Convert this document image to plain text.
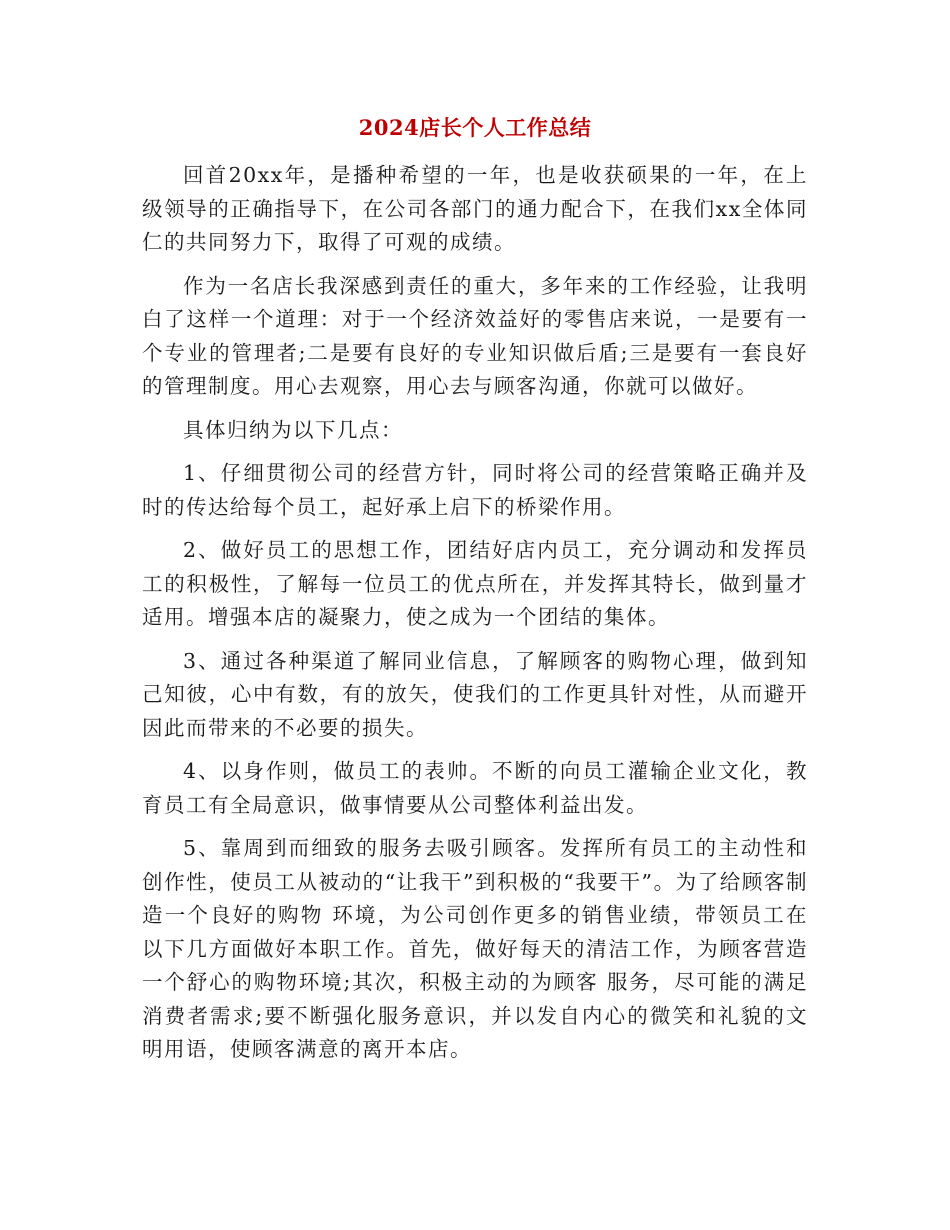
2024店长个人工作总结

回首20xx年，是播种希望的一年，也是收获硕果的一年，在上级领导的正确指导下，在公司各部门的通力配合下，在我们xx全体同仁的共同努力下，取得了可观的成绩。

作为一名店长我深感到责任的重大，多年来的工作经验，让我明白了这样一个道理：对于一个经济效益好的零售店来说，一是要有一个专业的管理者;二是要有良好的专业知识做后盾;三是要有一套良好的管理制度。用心去观察，用心去与顾客沟通，你就可以做好。

具体归纳为以下几点：

1、仔细贯彻公司的经营方针，同时将公司的经营策略正确并及时的传达给每个员工，起好承上启下的桥梁作用。

2、做好员工的思想工作，团结好店内员工，充分调动和发挥员工的积极性，了解每一位员工的优点所在，并发挥其特长，做到量才适用。增强本店的凝聚力，使之成为一个团结的集体。

3、通过各种渠道了解同业信息，了解顾客的购物心理，做到知己知彼，心中有数，有的放矢，使我们的工作更具针对性，从而避开因此而带来的不必要的损失。

4、以身作则，做员工的表帅。不断的向员工灌输企业文化，教育员工有全局意识，做事情要从公司整体利益出发。

5、靠周到而细致的服务去吸引顾客。发挥所有员工的主动性和创作性，使员工从被动的“让我干”到积极的“我要干”。为了给顾客制造一个良好的购物 环境，为公司创作更多的销售业绩，带领员工在以下几方面做好本职工作。首先，做好每天的清洁工作，为顾客营造一个舒心的购物环境;其次，积极主动的为顾客 服务，尽可能的满足消费者需求;要不断强化服务意识，并以发自内心的微笑和礼貌的文明用语，使顾客满意的离开本店。
